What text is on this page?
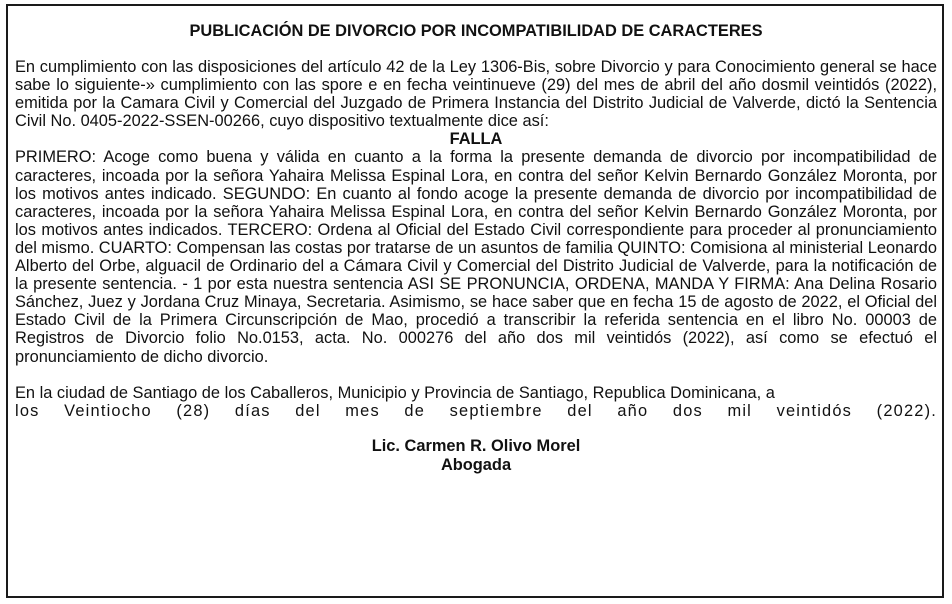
PUBLICACIÓN DE DIVORCIO POR INCOMPATIBILIDAD DE CARACTERES

En cumplimiento con las disposiciones del artículo 42 de la Ley 1306-Bis, sobre Divorcio y para Conocimiento general se hace sabe lo siguiente-» cumplimiento con las spore e en fecha veintinueve (29) del mes de abril del año dosmil veintidós (2022), emitida por la Camara Civil y Comercial del Juzgado de Primera Instancia del Distrito Judicial de Valverde, dictó la Sentencia Civil No. 0405-2022-SSEN-00266, cuyo dispositivo textualmente dice así:

FALLA

PRIMERO: Acoge como buena y válida en cuanto a la forma la presente demanda de divorcio por incompatibilidad de caracteres, incoada por la señora Yahaira Melissa Espinal Lora, en contra del señor Kelvin Bernardo González Moronta, por los motivos antes indicado. SEGUNDO: En cuanto al fondo acoge la presente demanda de divorcio por incompatibilidad de caracteres, incoada por la señora Yahaira Melissa Espinal Lora, en contra del señor Kelvin Bernardo González Moronta, por los motivos antes indicados. TERCERO: Ordena al Oficial del Estado Civil correspondiente para proceder al pronunciamiento del mismo. CUARTO: Compensan las costas por tratarse de un asuntos de familia QUINTO: Comisiona al ministerial Leonardo Alberto del Orbe, alguacil de Ordinario del a Cámara Civil y Comercial del Distrito Judicial de Valverde, para la notificación de la presente sentencia. - 1 por esta nuestra sentencia ASI SE PRONUNCIA, ORDENA, MANDA Y FIRMA: Ana Delina Rosario Sánchez, Juez y Jordana Cruz Minaya, Secretaria. Asimismo, se hace saber que en fecha 15 de agosto de 2022, el Oficial del Estado Civil de la Primera Circunscripción de Mao, procedió a transcribir la referida sentencia en el libro No. 00003 de Registros de Divorcio folio No.0153, acta. No. 000276 del año dos mil veintidós (2022), así como se efectuó el pronunciamiento de dicho divorcio.

En la ciudad de Santiago de los Caballeros, Municipio y Provincia de Santiago, Republica Dominicana, a

los Veintiocho (28) días del mes de septiembre del año dos mil veintidós (2022).

Lic. Carmen R. Olivo Morel
Abogada
